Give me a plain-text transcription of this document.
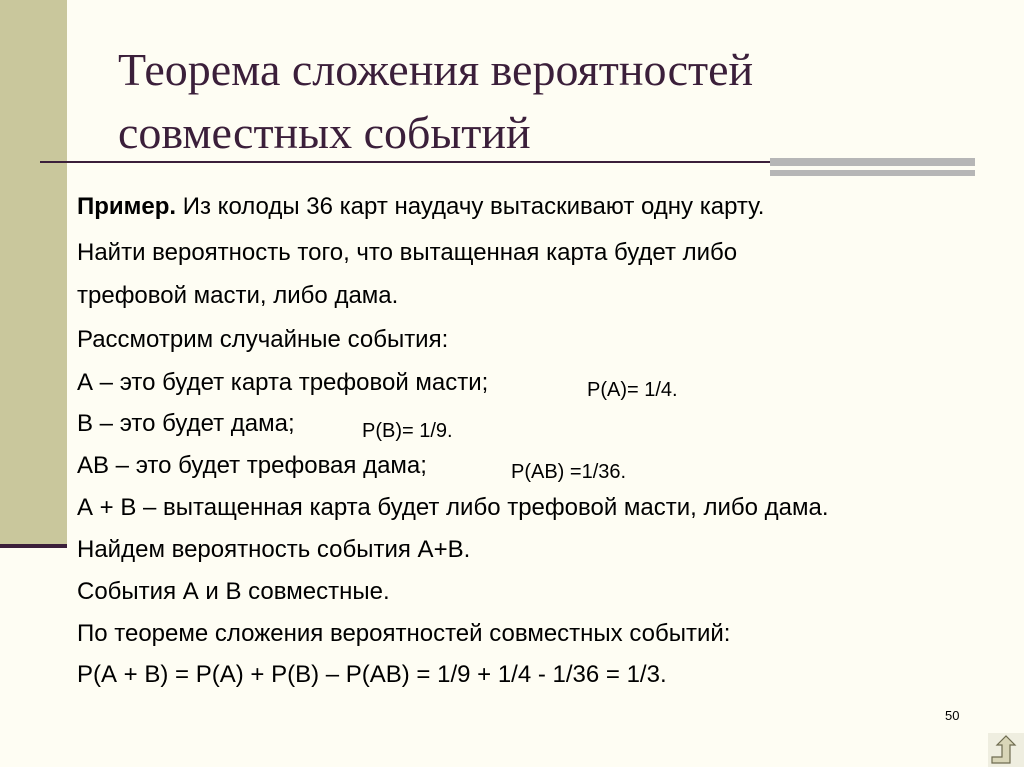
Теорема сложения вероятностей
совместных событий
Пример. Из колоды 36 карт наудачу вытаскивают одну карту.
Найти вероятность того, что вытащенная карта будет либо
трефовой масти, либо дама.
Рассмотрим случайные события:
А – это будет карта трефовой масти;
В – это будет дама;
АВ – это будет трефовая дама;
А + В – вытащенная карта будет либо трефовой масти, либо дама.
Найдем вероятность события А+В.
События А и В совместные.
По теореме сложения вероятностей совместных событий:
Р(А + В) = Р(А) + Р(В) – Р(АВ) = 1/9 + 1/4 - 1/36 = 1/3.
P(A)= 1/4.
P(B)= 1/9.
P(AB) =1/36.
50
